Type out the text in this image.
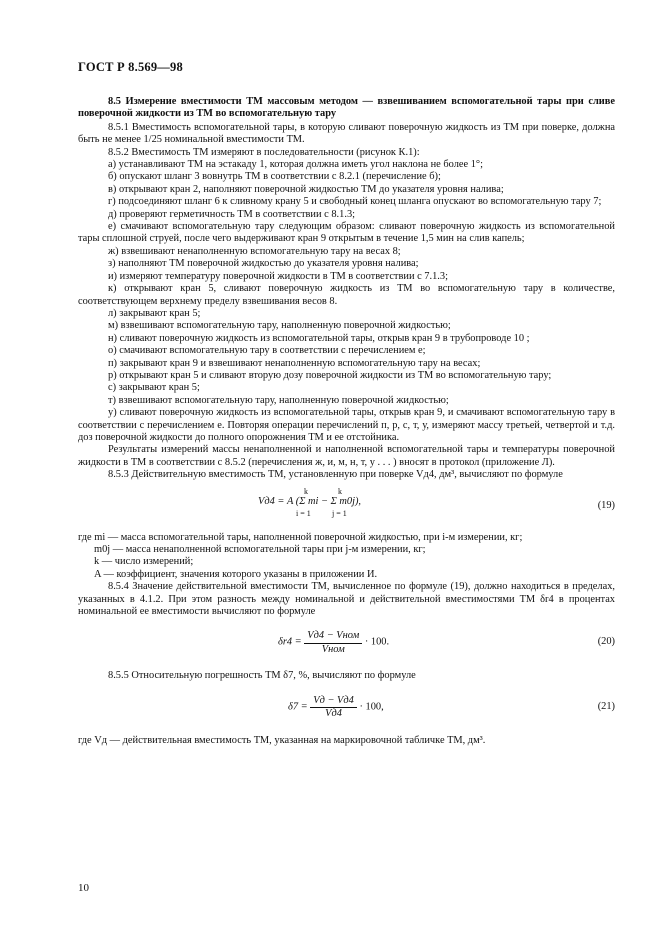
ГОСТ Р 8.569—98

8.5 Измерение вместимости ТМ массовым методом — взвешиванием вспомогательной тары при сливе поверочной жидкости из ТМ во вспомогательную тару

8.5.1 Вместимость вспомогательной тары, в которую сливают поверочную жидкость из ТМ при поверке, должна быть не менее 1/25 номинальной вместимости ТМ.

8.5.2 Вместимость ТМ измеряют в последовательности (рисунок К.1):

а) устанавливают ТМ на эстакаду 1, которая должна иметь угол наклона не более 1°;

б) опускают шланг 3 вовнутрь ТМ в соответствии с 8.2.1 (перечисление б);

в) открывают кран 2, наполняют поверочной жидкостью ТМ до указателя уровня налива;

г) подсоединяют шланг 6 к сливному крану 5 и свободный конец шланга опускают во вспомогательную тару 7;

д) проверяют герметичность ТМ в соответствии с 8.1.3;

е) смачивают вспомогательную тару следующим образом: сливают поверочную жидкость из вспомогательной тары сплошной струей, после чего выдерживают кран 9 открытым в течение 1,5 мин на слив капель;

ж) взвешивают ненаполненную вспомогательную тару на весах 8;

з) наполняют ТМ поверочной жидкостью до указателя уровня налива;

и) измеряют температуру поверочной жидкости в ТМ в соответствии с 7.1.3;

к) открывают кран 5, сливают поверочную жидкость из ТМ во вспомогательную тару в количестве, соответствующем верхнему пределу взвешивания весов 8.

л) закрывают кран 5;

м) взвешивают вспомогательную тару, наполненную поверочной жидкостью;

н) сливают поверочную жидкость из вспомогательной тары, открыв кран 9 в трубопроводе 10 ;

о) смачивают вспомогательную тару в соответствии с перечислением е;

п) закрывают кран 9 и взвешивают ненаполненную вспомогательную тару на весах;

р) открывают кран 5 и сливают вторую дозу поверочной жидкости из ТМ во вспомогательную тару;

с) закрывают кран 5;

т) взвешивают вспомогательную тару, наполненную поверочной жидкостью;

у) сливают поверочную жидкость из вспомогательной тары, открыв кран 9, и смачивают вспомогательную тару в соответствии с перечислением е. Повторяя операции перечислений п, р, с, т, у, измеряют массу третьей, четвертой и т.д. доз поверочной жидкости до полного опорожнения ТМ и ее отстойника.

Результаты измерений массы ненаполненной и наполненной вспомогательной тары и температуры поверочной жидкости в ТМ в соответствии с 8.5.2 (перечисления ж, и, м, н, т, у . . . ) вносят в протокол (приложение Л).

8.5.3 Действительную вместимость ТМ, установленную при поверке Vд4, дм³, вычисляют по формуле

k	k
Vд4 = A (Σ mi − Σ m0j),
i = 1	j = 1
(19)

где mi — масса вспомогательной тары, наполненной поверочной жидкостью, при i-м измерении, кг;

m0j — масса ненаполненной вспомогательной тары при j-м измерении, кг;

k — число измерений;

A — коэффициент, значения которого указаны в приложении И.

8.5.4 Значение действительной вместимости ТМ, вычисленное по формуле (19), должно находиться в пределах, указанных в 4.1.2. При этом разность между номинальной и действительной вместимостями ТМ δr4 в процентах номинальной ее вместимости вычисляют по формуле

$\delta r4 = \frac{\text{Vд4 − Vном}}{\text{Vном}} \cdot 100$.	(20)

8.5.5 Относительную погрешность ТМ δ7, %, вычисляют по формуле

$\delta 7 = \frac{Vд - Vд4}{Vд4} \cdot 100$,	(21)

где Vд — действительная вместимость ТМ, указанная на маркировочной табличке ТМ, дм³.

10
